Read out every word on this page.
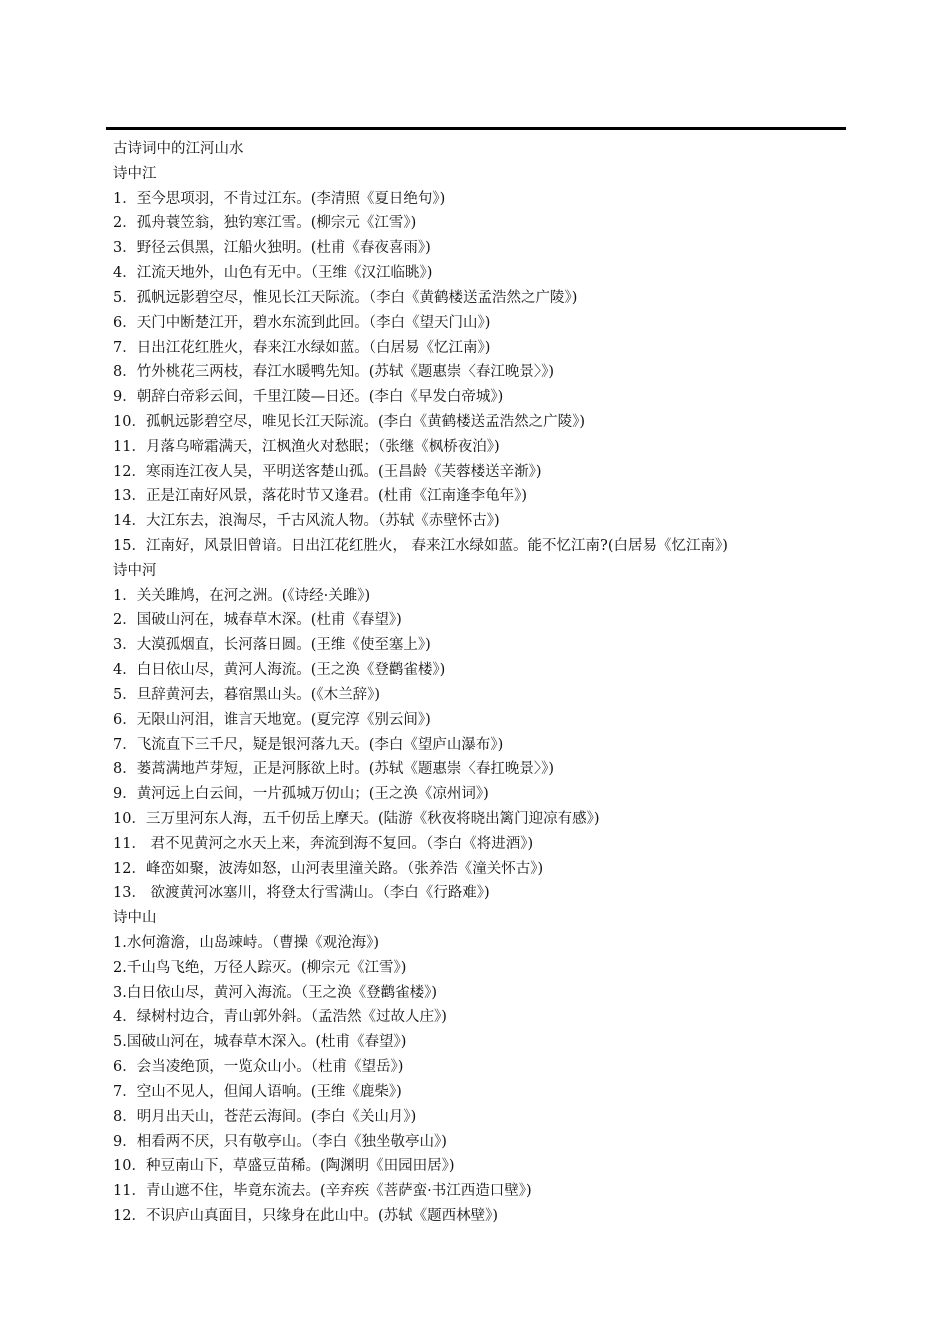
古诗词中的江河山水
诗中江
1．至今思项羽，不肯过江东。(李清照《夏日绝句》)
2．孤舟蓑笠翁，独钓寒江雪。(柳宗元《江雪》)
3．野径云俱黑，江船火独明。(杜甫《春夜喜雨》)
4．江流天地外，山色有无中。（王维《汉江临眺》)
5．孤帆远影碧空尽，惟见长江天际流。（李白《黄鹤楼送孟浩然之广陵》)
6．天门中断楚江开，碧水东流到此回。（李白《望天门山》)
7．日出江花红胜火，春来江水绿如蓝。（白居易《忆江南》)
8．竹外桃花三两枝，春江水暖鸭先知。(苏轼《题惠崇〈春江晚景〉》)
9．朝辞白帝彩云间，千里江陵—日还。(李白《早发白帝城》)
10．孤帆远影碧空尽，唯见长江天际流。(李白《黄鹤楼送孟浩然之广陵》)
11．月落乌啼霜满天，江枫渔火对愁眠；（张继《枫桥夜泊》)
12．寒雨连江夜人吴，平明送客楚山孤。(王昌龄《芙蓉楼送辛渐》)
13．正是江南好风景，落花时节又逢君。(杜甫《江南逢李龟年》)
14．大江东去，浪淘尽，千古风流人物。（苏轼《赤壁怀古》)
15．江南好，风景旧曾谙。日出江花红胜火， 春来江水绿如蓝。能不忆江南?(白居易《忆江南》)
诗中河
1．关关雎鸠，在河之洲。(《诗经·关雎》)
2．国破山河在，城春草木深。(杜甫《春望》)
3．大漠孤烟直，长河落日圆。(王维《使至塞上》)
4．白日依山尽，黄河人海流。(王之涣《登鹳雀楼》)
5．旦辞黄河去，暮宿黑山头。(《木兰辞》)
6．无限山河泪，谁言天地宽。(夏完淳《别云间》)
7．飞流直下三千尺，疑是银河落九天。(李白《望庐山瀑布》)
8．蒌蒿满地芦芽短，正是河豚欲上时。(苏轼《题惠崇〈春扛晚景〉》)
9．黄河远上白云间，一片孤城万仞山；(王之涣《凉州词》)
10．三万里河东人海，五千仞岳上摩天。(陆游《秋夜将晓出篱门迎凉有感》)
11． 君不见黄河之水天上来，奔流到海不复回。（李白《将进酒》)
12．峰峦如聚，波涛如怒，山河表里潼关路。（张养浩《潼关怀古》)
13． 欲渡黄河冰塞川，将登太行雪满山。（李白《行路难》)
诗中山
1.水何澹澹，山岛竦峙。（曹操《观沧海》)
2.千山鸟飞绝，万径人踪灭。(柳宗元《江雪》)
3.白日依山尽，黄河入海流。（王之涣《登鹳雀楼》)
4．绿树村边合，青山郭外斜。（孟浩然《过故人庄》)
5.国破山河在，城春草木深入。(杜甫《春望》)
6．会当凌绝顶，一览众山小。（杜甫《望岳》)
7．空山不见人，但闻人语响。(王维《鹿柴》)
8．明月出天山，苍茫云海间。(李白《关山月》)
9．相看两不厌，只有敬亭山。（李白《独坐敬亭山》)
10．种豆南山下，草盛豆苗稀。(陶渊明《田园田居》)
11．青山遮不住，毕竟东流去。(辛弃疾《菩萨蛮·书江西造口壁》)
12．不识庐山真面目，只缘身在此山中。(苏轼《题西林壁》)
